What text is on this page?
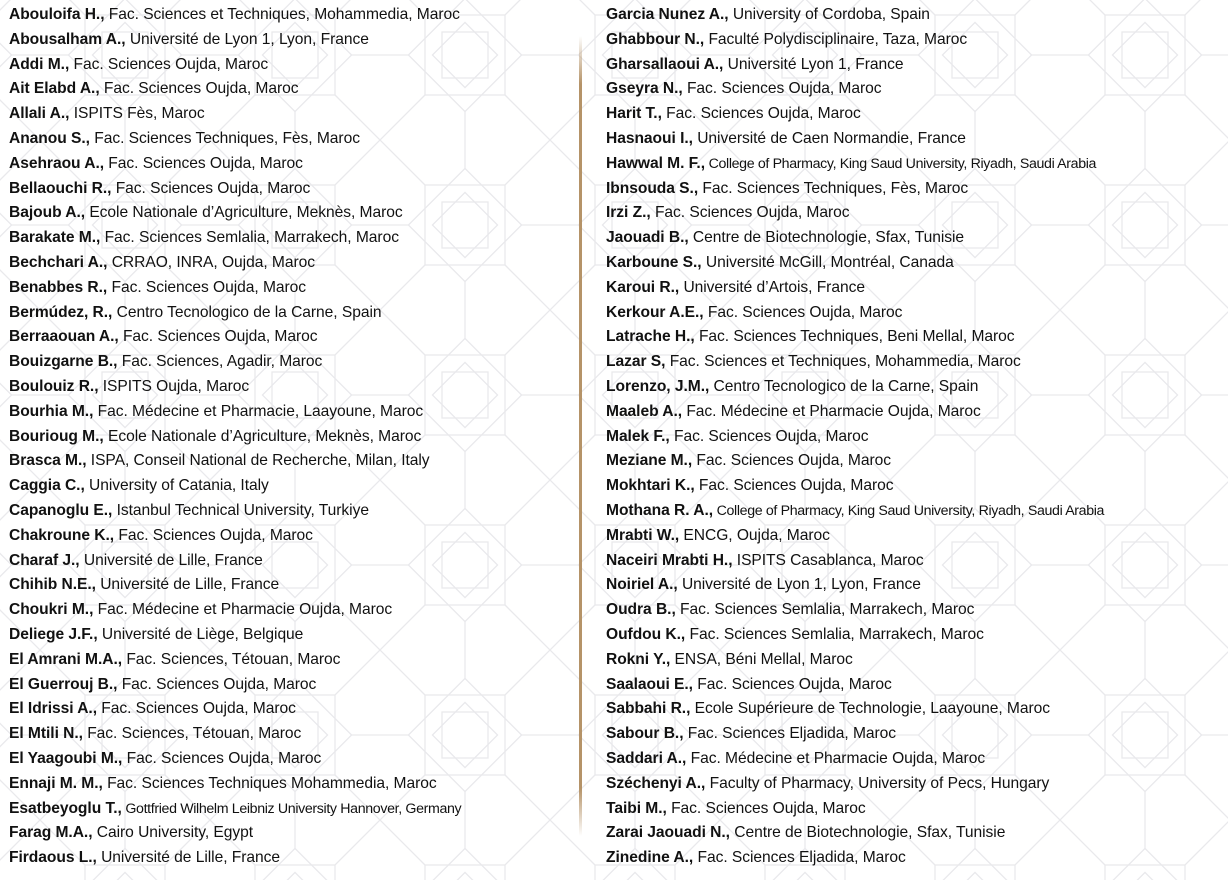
Abouloifa H., Fac. Sciences et Techniques, Mohammedia, Maroc
Abousalham A., Université de Lyon 1, Lyon, France
Addi M., Fac. Sciences Oujda, Maroc
Ait Elabd A., Fac. Sciences Oujda, Maroc
Allali A., ISPITS Fès, Maroc
Ananou S., Fac. Sciences Techniques, Fès, Maroc
Asehraou A., Fac. Sciences Oujda, Maroc
Bellaouchi R., Fac. Sciences Oujda, Maroc
Bajoub A., Ecole Nationale d’Agriculture, Meknès, Maroc
Barakate M., Fac. Sciences Semlalia, Marrakech, Maroc
Bechchari A., CRRAO, INRA, Oujda, Maroc
Benabbes R., Fac. Sciences Oujda, Maroc
Bermúdez, R., Centro Tecnologico de la Carne, Spain
Berraaouan A., Fac. Sciences Oujda, Maroc
Bouizgarne B., Fac. Sciences, Agadir, Maroc
Boulouiz R., ISPITS Oujda, Maroc
Bourhia M., Fac. Médecine et Pharmacie, Laayoune, Maroc
Bourioug M., Ecole Nationale d’Agriculture, Meknès, Maroc
Brasca M., ISPA, Conseil National de Recherche, Milan, Italy
Caggia C., University of Catania, Italy
Capanoglu E., Istanbul Technical University, Turkiye
Chakroune K., Fac. Sciences Oujda, Maroc
Charaf J., Université de Lille, France
Chihib N.E., Université de Lille, France
Choukri M., Fac. Médecine et Pharmacie Oujda, Maroc
Deliege J.F., Université de Liège, Belgique
El Amrani M.A., Fac. Sciences, Tétouan, Maroc
El Guerrouj B., Fac. Sciences Oujda, Maroc
El Idrissi A., Fac. Sciences Oujda, Maroc
El Mtili N., Fac. Sciences, Tétouan, Maroc
El Yaagoubi M., Fac. Sciences Oujda, Maroc
Ennaji M. M., Fac. Sciences Techniques Mohammedia, Maroc
Esatbeyoglu T., Gottfried Wilhelm Leibniz University Hannover, Germany
Farag M.A., Cairo University, Egypt
Firdaous L., Université de Lille, France
Garcia Nunez A., University of Cordoba, Spain
Ghabbour N., Faculté Polydisciplinaire, Taza, Maroc
Gharsallaoui A., Université Lyon 1, France
Gseyra N., Fac. Sciences Oujda, Maroc
Harit T., Fac. Sciences Oujda, Maroc
Hasnaoui I., Université de Caen Normandie, France
Hawwal M. F., College of Pharmacy, King Saud University, Riyadh, Saudi Arabia
Ibnsouda S., Fac. Sciences Techniques, Fès, Maroc
Irzi Z., Fac. Sciences Oujda, Maroc
Jaouadi B., Centre de Biotechnologie, Sfax, Tunisie
Karboune S., Université McGill, Montréal, Canada
Karoui R., Université d’Artois, France
Kerkour A.E., Fac. Sciences Oujda, Maroc
Latrache H., Fac. Sciences Techniques, Beni Mellal, Maroc
Lazar S, Fac. Sciences et Techniques, Mohammedia, Maroc
Lorenzo, J.M., Centro Tecnologico de la Carne, Spain
Maaleb A., Fac. Médecine et Pharmacie Oujda, Maroc
Malek F., Fac. Sciences Oujda, Maroc
Meziane M., Fac. Sciences Oujda, Maroc
Mokhtari K., Fac. Sciences Oujda, Maroc
Mothana R. A., College of Pharmacy, King Saud University, Riyadh, Saudi Arabia
Mrabti W., ENCG, Oujda, Maroc
Naceiri Mrabti H., ISPITS Casablanca, Maroc
Noiriel A., Université de Lyon 1, Lyon, France
Oudra B., Fac. Sciences Semlalia, Marrakech, Maroc
Oufdou K., Fac. Sciences Semlalia, Marrakech, Maroc
Rokni Y., ENSA, Béni Mellal, Maroc
Saalaoui E., Fac. Sciences Oujda, Maroc
Sabbahi R., Ecole Supérieure de Technologie, Laayoune, Maroc
Sabour B., Fac. Sciences Eljadida, Maroc
Saddari A., Fac. Médecine et Pharmacie Oujda, Maroc
Széchenyi A., Faculty of Pharmacy, University of Pecs, Hungary
Taibi M., Fac. Sciences Oujda, Maroc
Zarai Jaouadi N., Centre de Biotechnologie, Sfax, Tunisie
Zinedine A., Fac. Sciences Eljadida, Maroc
